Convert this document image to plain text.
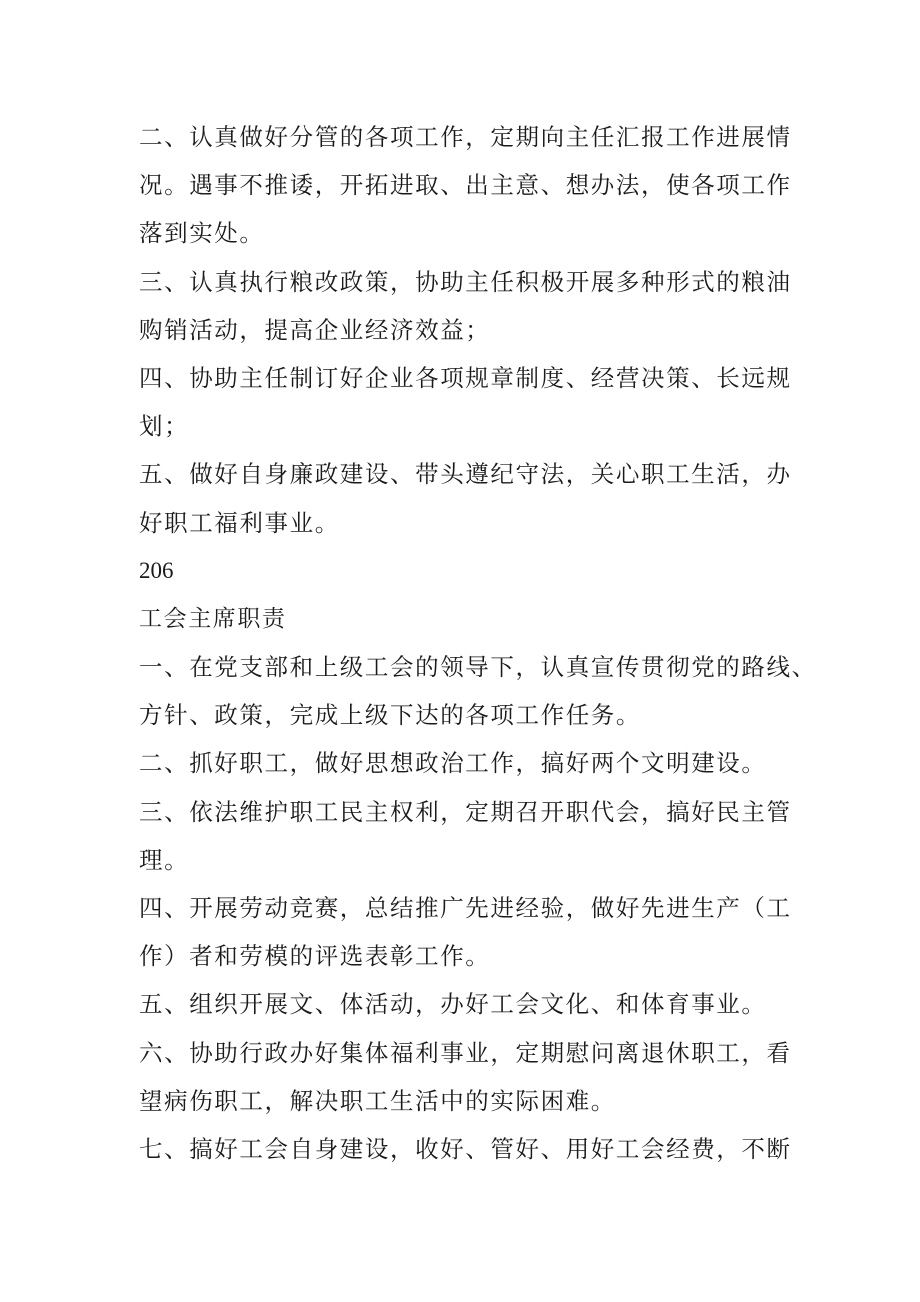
二、认真做好分管的各项工作，定期向主任汇报工作进展情
况。遇事不推诿，开拓进取、出主意、想办法，使各项工作
落到实处。
三、认真执行粮改政策，协助主任积极开展多种形式的粮油
购销活动，提高企业经济效益；
四、协助主任制订好企业各项规章制度、经营决策、长远规
划；
五、做好自身廉政建设、带头遵纪守法，关心职工生活，办
好职工福利事业。
206
工会主席职责
一、在党支部和上级工会的领导下，认真宣传贯彻党的路线、
方针、政策，完成上级下达的各项工作任务。
二、抓好职工，做好思想政治工作，搞好两个文明建设。
三、依法维护职工民主权利，定期召开职代会，搞好民主管
理。
四、开展劳动竞赛，总结推广先进经验，做好先进生产（工
作）者和劳模的评选表彰工作。
五、组织开展文、体活动，办好工会文化、和体育事业。
六、协助行政办好集体福利事业，定期慰问离退休职工，看
望病伤职工，解决职工生活中的实际困难。
七、搞好工会自身建设，收好、管好、用好工会经费，不断
